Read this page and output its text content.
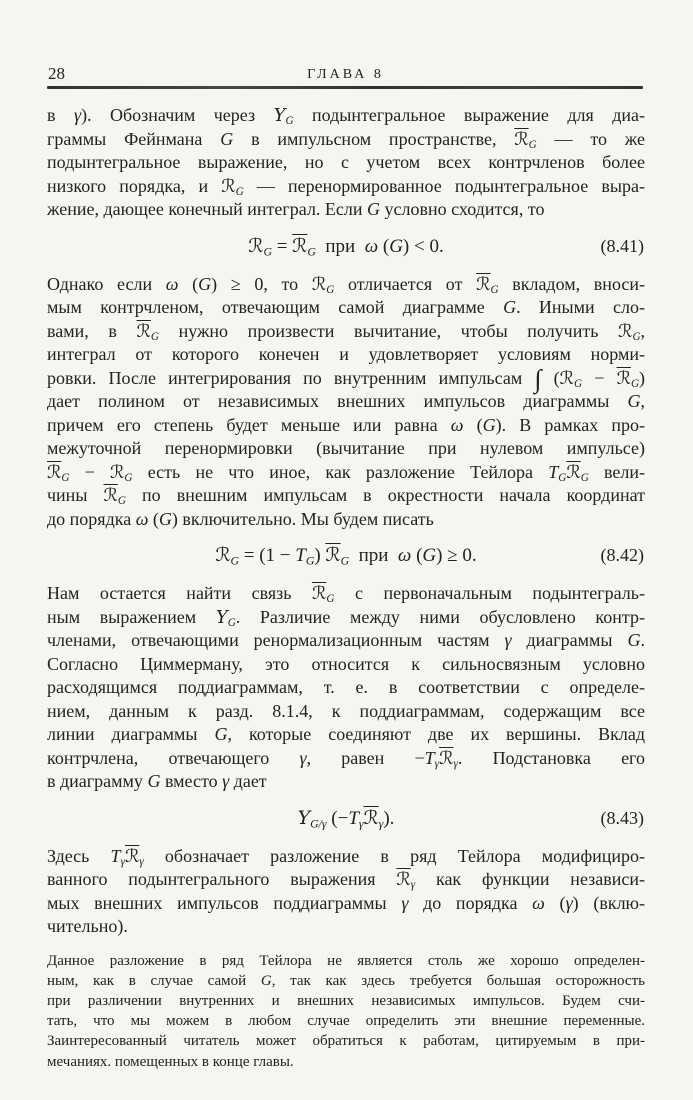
28	ГЛАВА 8
в γ). Обозначим через $Y_G$ подынтегральное выражение для диа-
граммы Фейнмана G в импульсном пространстве, ℛ$_G$ — то же
подынтегральное выражение, но с учетом всех контрчленов более
низкого порядка, и ℛ$_G$ — перенормированное подынтегральное выра-
жение, дающее конечный интеграл. Если G условно сходится, то
ℛ$_G$ = ℛ$_G$ при ω (G) < 0.	(8.41)
Однако если ω (G) ≥ 0, то ℛ$_G$ отличается от ℛ$_G$ вкладом, вноси-
мым контрчленом, отвечающим самой диаграмме G. Иными сло-
вами, в ℛ$_G$ нужно произвести вычитание, чтобы получить ℛ$_G$,
интеграл от которого конечен и удовлетворяет условиям норми-
ровки. После интегрирования по внутренним импульсам ∫ (ℛ$_G$ − ℛ$_G$)
дает полином от независимых внешних импульсов диаграммы G,
причем его степень будет меньше или равна ω (G). В рамках про-
межуточной перенормировки (вычитание при нулевом импульсе)
ℛ$_G$ − ℛ$_G$ есть не что иное, как разложение Тейлора $T_Gℛ_G$ вели-
чины ℛ$_G$ по внешним импульсам в окрестности начала координат
до порядка ω (G) включительно. Мы будем писать
ℛ$_G$ = $(1 - T_G)$ ℛ$_G$ при ω (G) ≥ 0.	(8.42)
Нам остается найти связь ℛ$_G$ с первоначальным подынтеграль-
ным выражением $Y_G$. Различие между ними обусловлено контр-
членами, отвечающими ренормализационным частям γ диаграммы G.
Согласно Циммерману, это относится к сильносвязным условно
расходящимся поддиаграммам, т. е. в соответствии с определе-
нием, данным к разд. 8.1.4, к поддиаграммам, содержащим все
линии диаграммы G, которые соединяют две их вершины. Вклад
контрчлена, отвечающего γ, равен $-T_\gamma ℛ_\gamma$. Подстановка его
в диаграмму G вместо γ дает
$Y_{G/\gamma}$ $(-T_\gamma ℛ_\gamma)$.	(8.43)
Здесь $T_\gamma ℛ_\gamma$ обозначает разложение в ряд Тейлора модифициро-
ванного подынтегрального выражения ℛ$_\gamma$ как функции независи-
мых внешних импульсов поддиаграммы γ до порядка ω (γ) (вклю-
чительно).
Данное разложение в ряд Тейлора не является столь же хорошо определен-
ным, как в случае самой G, так как здесь требуется большая осторожность
при различении внутренних и внешних независимых импульсов. Будем счи-
тать, что мы можем в любом случае определить эти внешние переменные.
Заинтересованный читатель может обратиться к работам, цитируемым в при-
мечаниях. помещенных в конце главы.
